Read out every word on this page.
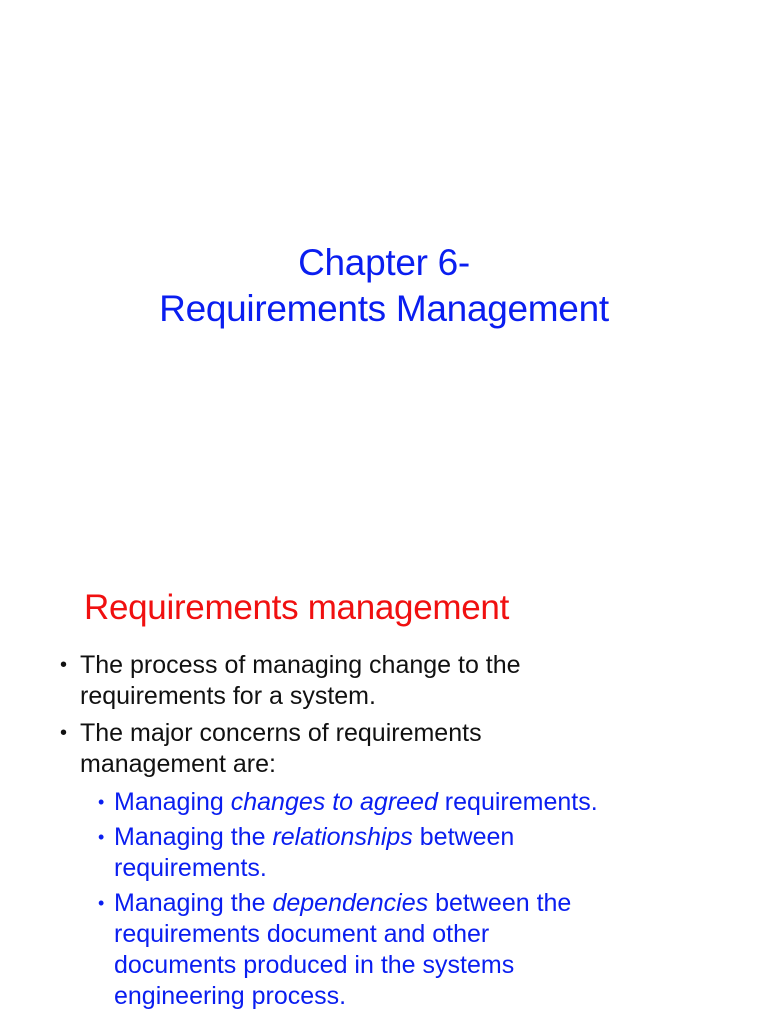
Chapter 6-
Requirements Management
Requirements management
• The process of managing change to the
requirements for a system.
• The major concerns of requirements
management are:
• Managing changes to agreed requirements.
• Managing the relationships between
requirements.
• Managing the dependencies between the
requirements document and other
documents produced in the systems
engineering process.
